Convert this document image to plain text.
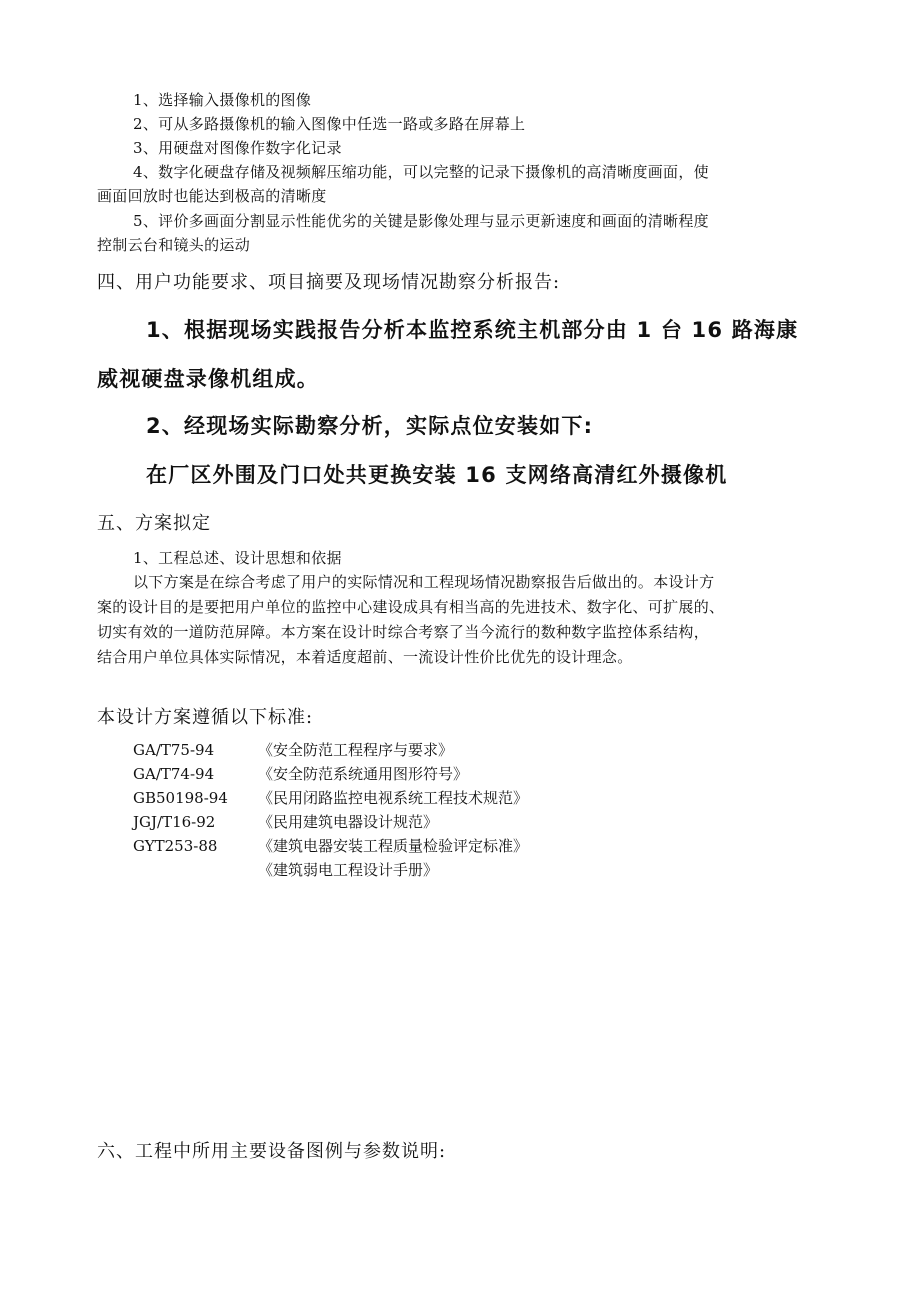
1、选择输入摄像机的图像
2、可从多路摄像机的输入图像中任选一路或多路在屏幕上
3、用硬盘对图像作数字化记录
4、数字化硬盘存储及视频解压缩功能，可以完整的记录下摄像机的高清晰度画面，使
画面回放时也能达到极高的清晰度
5、评价多画面分割显示性能优劣的关键是影像处理与显示更新速度和画面的清晰程度
控制云台和镜头的运动
四、用户功能要求、项目摘要及现场情况勘察分析报告:
1、根据现场实践报告分析本监控系统主机部分由 1 台 16 路海康
威视硬盘录像机组成。
2、经现场实际勘察分析，实际点位安装如下:
在厂区外围及门口处共更换安装 16 支网络高清红外摄像机
五、方案拟定
1、工程总述、设计思想和依据
以下方案是在综合考虑了用户的实际情况和工程现场情况勘察报告后做出的。本设计方
案的设计目的是要把用户单位的监控中心建设成具有相当高的先进技术、数字化、可扩展的、
切实有效的一道防范屏障。本方案在设计时综合考察了当今流行的数种数字监控体系结构，
结合用户单位具体实际情况，本着适度超前、一流设计性价比优先的设计理念。
本设计方案遵循以下标准:
GA/T75-94	《安全防范工程程序与要求》
GA/T74-94	《安全防范系统通用图形符号》
GB50198-94 《民用闭路监控电视系统工程技术规范》
JGJ/T16-92	《民用建筑电器设计规范》
GYT253-88	《建筑电器安装工程质量检验评定标准》
《建筑弱电工程设计手册》
六、工程中所用主要设备图例与参数说明:
